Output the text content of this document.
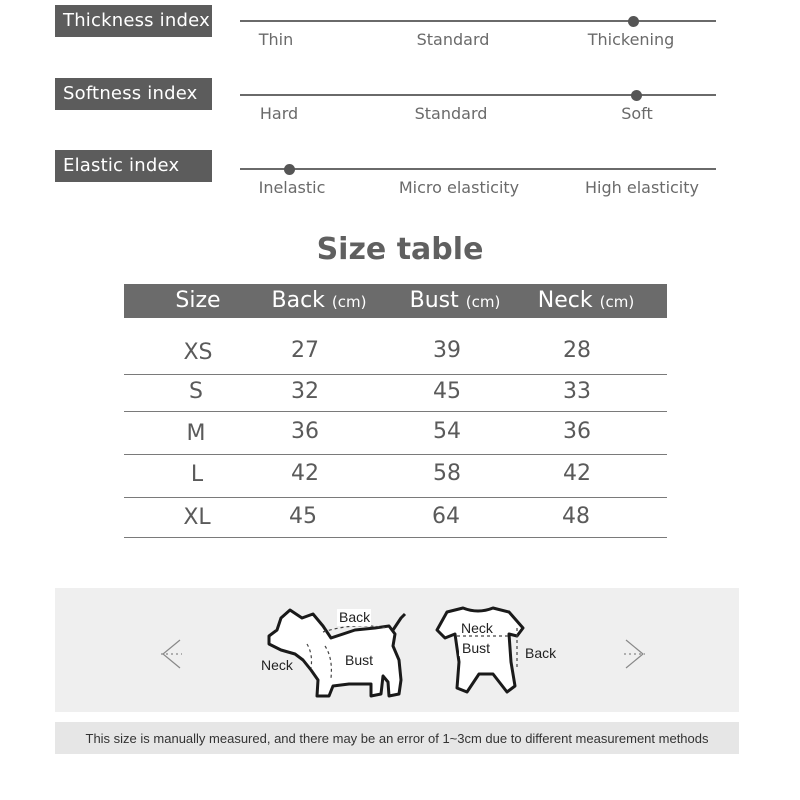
Thickness index
Thin	Standard	Thickening
Softness index
Hard	Standard	Soft
Elastic index
Inelastic	Micro elasticity	High elasticity
Size table
Size Back (cm) Bust (cm) Neck (cm)
XS	27	39	28
S	32	45	33
M	36	54	36
L	42	58	42
XL	45	64	48
Back
Neck	Bust
Neck
Bust Back
This size is manually measured, and there may be an error of 1~3cm due to different measurement methods
